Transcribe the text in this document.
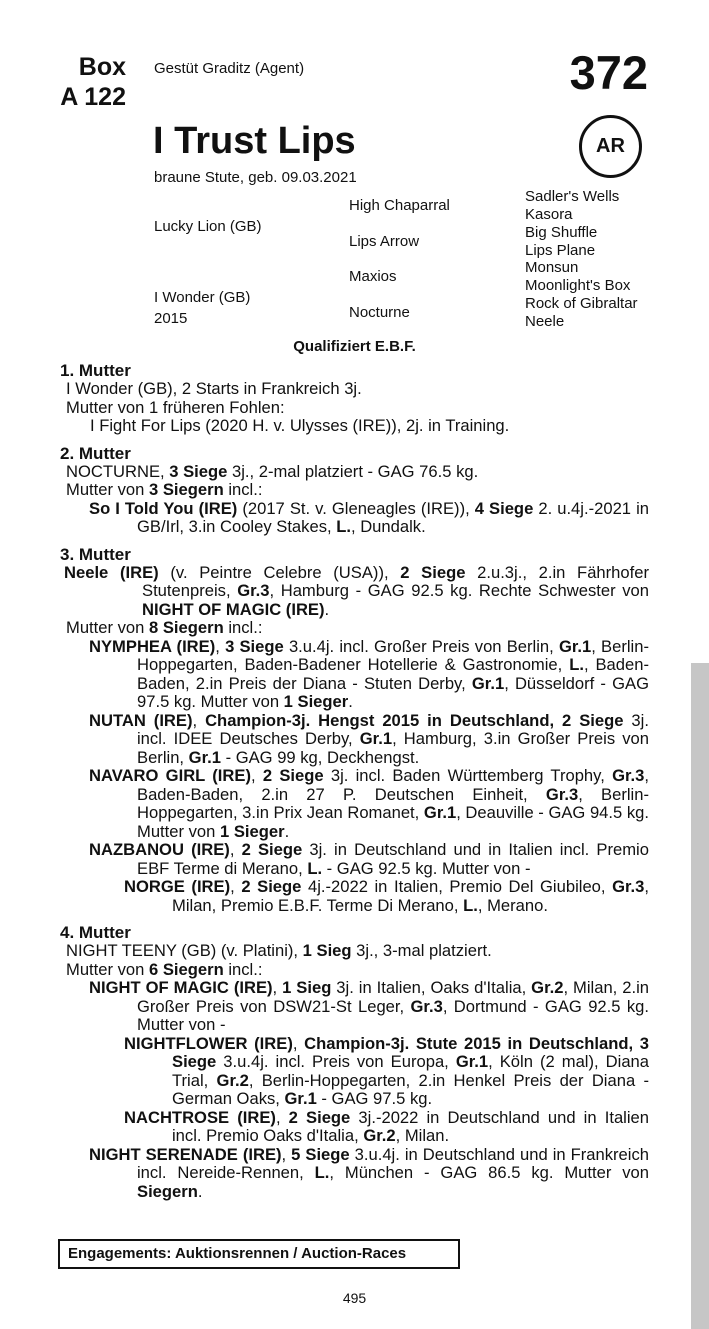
Box
A 122
Gestüt Graditz (Agent)	372
I Trust Lips	AR
braune Stute, geb. 09.03.2021
Lucky Lion (GB)
I Wonder (GB)
2015
High Chaparral
Lips Arrow
Maxios
Nocturne
Sadler's Wells
Kasora
Big Shuffle
Lips Plane
Monsun
Moonlight's Box
Rock of Gibraltar
Neele
Qualifiziert E.B.F.
1. Mutter

I Wonder (GB), 2 Starts in Frankreich 3j.

Mutter von 1 früheren Fohlen:

I Fight For Lips (2020 H. v. Ulysses (IRE)), 2j. in Training.

2. Mutter

NOCTURNE, 3 Siege 3j., 2-mal platziert - GAG 76.5 kg.

Mutter von 3 Siegern incl.:

So I Told You (IRE) (2017 St. v. Gleneagles (IRE)), 4 Siege 2. u.4j.-2021 in GB/Irl, 3.in Cooley Stakes, L., Dundalk.

3. Mutter

Neele (IRE) (v. Peintre Celebre (USA)), 2 Siege 2.u.3j., 2.in Fährhofer Stutenpreis, Gr.3, Hamburg - GAG 92.5 kg. Rechte Schwester von NIGHT OF MAGIC (IRE).

Mutter von 8 Siegern incl.:

NYMPHEA (IRE), 3 Siege 3.u.4j. incl. Großer Preis von Berlin, Gr.1, Berlin-Hoppegarten, Baden-Badener Hotellerie & Gastronomie, L., Baden-Baden, 2.in Preis der Diana - Stuten Derby, Gr.1, Düsseldorf - GAG 97.5 kg. Mutter von 1 Sieger.

NUTAN (IRE), Champion-3j. Hengst 2015 in Deutschland, 2 Siege 3j. incl. IDEE Deutsches Derby, Gr.1, Hamburg, 3.in Großer Preis von Berlin, Gr.1 - GAG 99 kg, Deckhengst.

NAVARO GIRL (IRE), 2 Siege 3j. incl. Baden Württemberg Trophy, Gr.3, Baden-Baden, 2.in 27 P. Deutschen Einheit, Gr.3, Berlin-Hoppegarten, 3.in Prix Jean Romanet, Gr.1, Deauville - GAG 94.5 kg. Mutter von 1 Sieger.

NAZBANOU (IRE), 2 Siege 3j. in Deutschland und in Italien incl. Premio EBF Terme di Merano, L. - GAG 92.5 kg. Mutter von -

NORGE (IRE), 2 Siege 4j.-2022 in Italien, Premio Del Giubileo, Gr.3, Milan, Premio E.B.F. Terme Di Merano, L., Merano.

4. Mutter

NIGHT TEENY (GB) (v. Platini), 1 Sieg 3j., 3-mal platziert.

Mutter von 6 Siegern incl.:

NIGHT OF MAGIC (IRE), 1 Sieg 3j. in Italien, Oaks d'Italia, Gr.2, Milan, 2.in Großer Preis von DSW21-St Leger, Gr.3, Dortmund - GAG 92.5 kg. Mutter von -

NIGHTFLOWER (IRE), Champion-3j. Stute 2015 in Deutschland, 3 Siege 3.u.4j. incl. Preis von Europa, Gr.1, Köln (2 mal), Diana Trial, Gr.2, Berlin-Hoppegarten, 2.in Henkel Preis der Diana - German Oaks, Gr.1 - GAG 97.5 kg.

NACHTROSE (IRE), 2 Siege 3j.-2022 in Deutschland und in Italien incl. Premio Oaks d'Italia, Gr.2, Milan.

NIGHT SERENADE (IRE), 5 Siege 3.u.4j. in Deutschland und in Frankreich incl. Nereide-Rennen, L., München - GAG 86.5 kg. Mutter von Siegern.

Engagements: Auktionsrennen / Auction-Races
495
